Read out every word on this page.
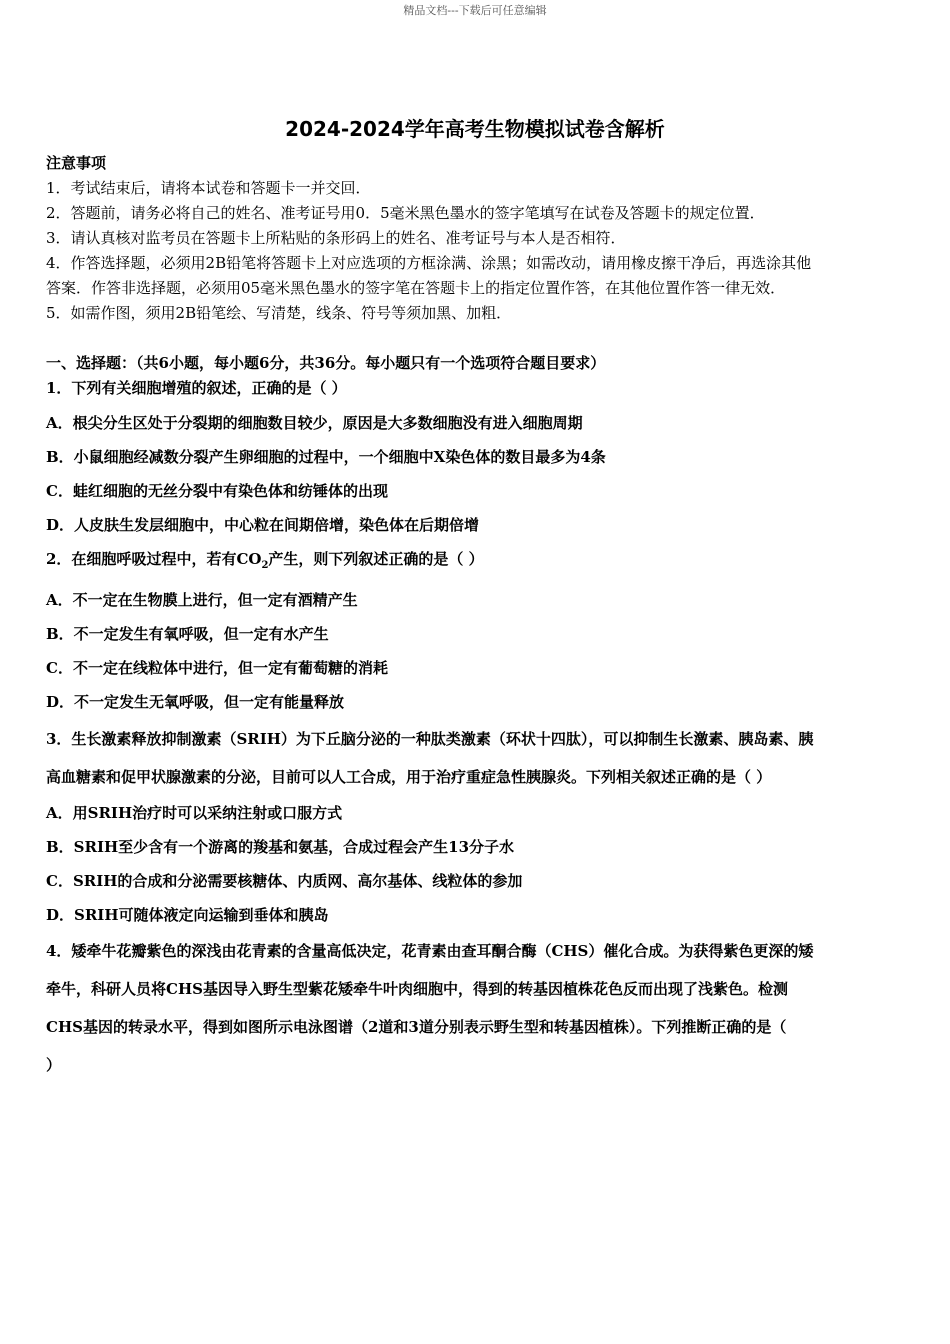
精品文档---下载后可任意编辑
2024-2024学年高考生物模拟试卷含解析
注意事项
1．考试结束后，请将本试卷和答题卡一并交回．
2．答题前，请务必将自己的姓名、准考证号用0．5毫米黑色墨水的签字笔填写在试卷及答题卡的规定位置．
3．请认真核对监考员在答题卡上所粘贴的条形码上的姓名、准考证号与本人是否相符．
4．作答选择题，必须用2B铅笔将答题卡上对应选项的方框涂满、涂黑；如需改动，请用橡皮擦干净后，再选涂其他
答案．作答非选择题，必须用05毫米黑色墨水的签字笔在答题卡上的指定位置作答，在其他位置作答一律无效．
5．如需作图，须用2B铅笔绘、写清楚，线条、符号等须加黑、加粗．
一、选择题：（共6小题，每小题6分，共36分。每小题只有一个选项符合题目要求）
1．下列有关细胞增殖的叙述，正确的是（ ）
A．根尖分生区处于分裂期的细胞数目较少，原因是大多数细胞没有进入细胞周期
B．小鼠细胞经减数分裂产生卵细胞的过程中，一个细胞中X染色体的数目最多为4条
C．蛙红细胞的无丝分裂中有染色体和纺锤体的出现
D．人皮肤生发层细胞中，中心粒在间期倍增，染色体在后期倍增
2．在细胞呼吸过程中，若有$CO_2$产生，则下列叙述正确的是（ ）
A．不一定在生物膜上进行，但一定有酒精产生
B．不一定发生有氧呼吸，但一定有水产生
C．不一定在线粒体中进行，但一定有葡萄糖的消耗
D．不一定发生无氧呼吸，但一定有能量释放
3．生长激素释放抑制激素（SRIH）为下丘脑分泌的一种肽类激素（环状十四肽），可以抑制生长激素、胰岛素、胰
高血糖素和促甲状腺激素的分泌，目前可以人工合成，用于治疗重症急性胰腺炎。下列相关叙述正确的是（ ）
A．用SRIH治疗时可以采纳注射或口服方式
B．SRIH至少含有一个游离的羧基和氨基，合成过程会产生13分子水
C．SRIH的合成和分泌需要核糖体、内质网、高尔基体、线粒体的参加
D．SRIH可随体液定向运输到垂体和胰岛
4．矮牵牛花瓣紫色的深浅由花青素的含量高低决定，花青素由查耳酮合酶（CHS）催化合成。为获得紫色更深的矮
牵牛，科研人员将CHS基因导入野生型紫花矮牵牛叶肉细胞中，得到的转基因植株花色反而出现了浅紫色。检测
CHS基因的转录水平，得到如图所示电泳图谱（2道和3道分别表示野生型和转基因植株）。下列推断正确的是（
）
